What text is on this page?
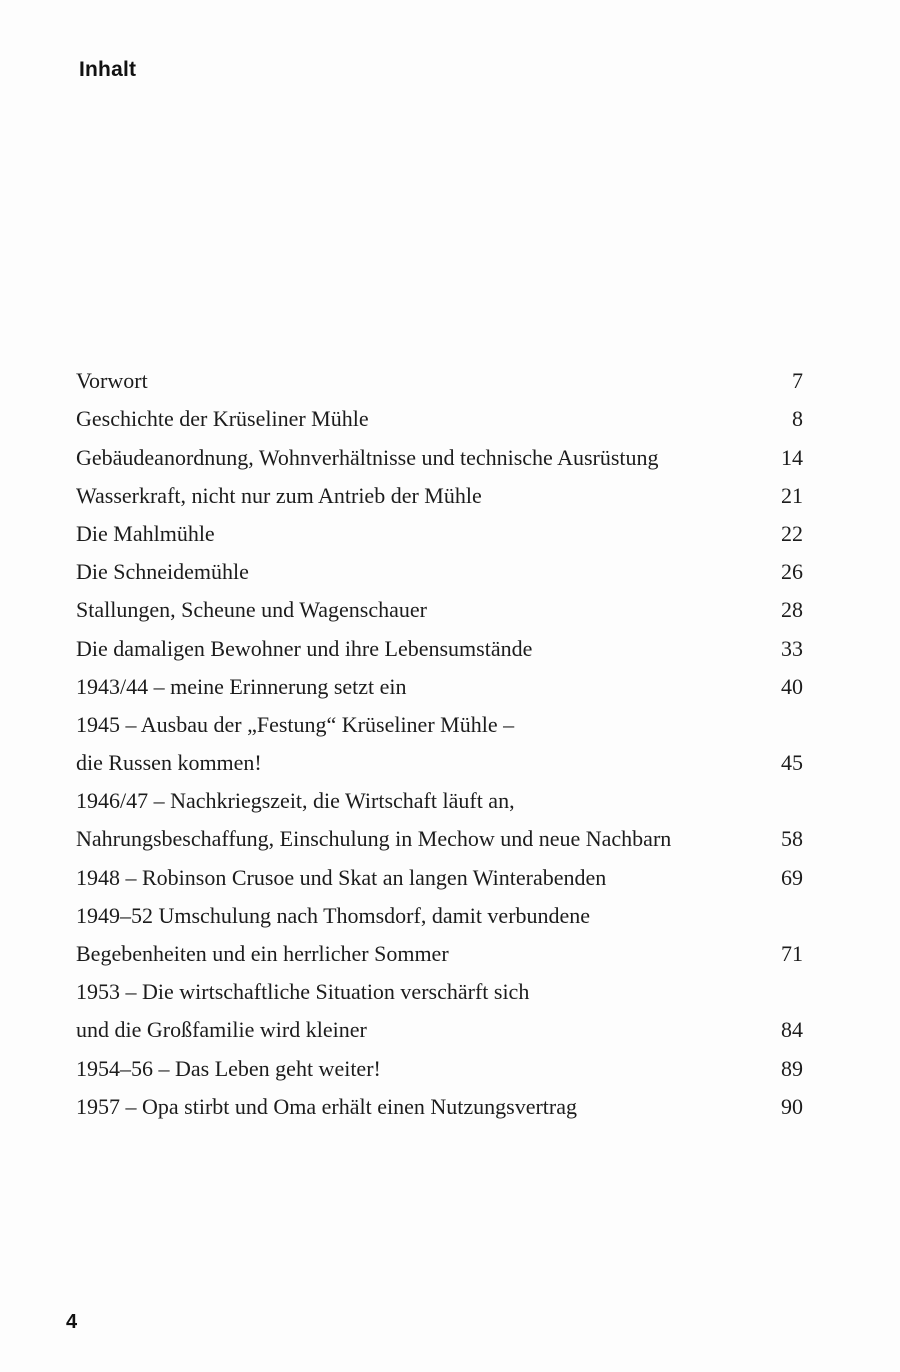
Inhalt
Vorwort	7
Geschichte der Krüseliner Mühle	8
Gebäudeanordnung, Wohnverhältnisse und technische Ausrüstung	14
Wasserkraft, nicht nur zum Antrieb der Mühle	21
Die Mahlmühle	22
Die Schneidemühle	26
Stallungen, Scheune und Wagenschauer	28
Die damaligen Bewohner und ihre Lebensumstände	33
1943/44 – meine Erinnerung setzt ein	40
1945 – Ausbau der „Festung“ Krüseliner Mühle –
die Russen kommen!	45
1946/47 – Nachkriegszeit, die Wirtschaft läuft an,
Nahrungsbeschaffung, Einschulung in Mechow und neue Nachbarn	58
1948 – Robinson Crusoe und Skat an langen Winterabenden	69
1949–52 Umschulung nach Thomsdorf, damit verbundene
Begebenheiten und ein herrlicher Sommer	71
1953 – Die wirtschaftliche Situation verschärft sich
und die Großfamilie wird kleiner	84
1954–56 – Das Leben geht weiter!	89
1957 – Opa stirbt und Oma erhält einen Nutzungsvertrag	90
4
